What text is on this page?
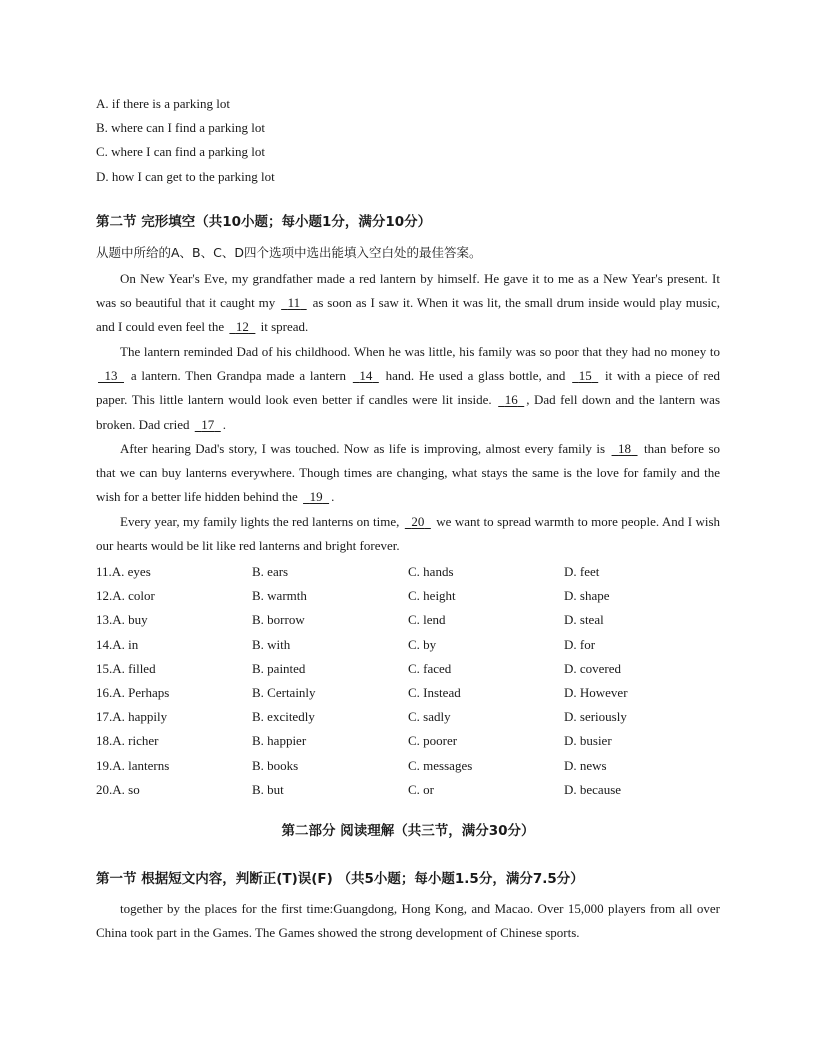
A. if there is a parking lot
B. where can I find a parking lot
C. where I can find a parking lot
D. how I can get to the parking lot
第二节 完形填空（共10小题；每小题1分，满分10分）
从题中所给的A、B、C、D四个选项中选出能填入空白处的最佳答案。

On New Year's Eve, my grandfather made a red lantern by himself. He gave it to me as a New Year's present. It was so beautiful that it caught my 11 as soon as I saw it. When it was lit, the small drum inside would play music, and I could even feel the 12 it spread.

The lantern reminded Dad of his childhood. When he was little, his family was so poor that they had no money to 13 a lantern. Then Grandpa made a lantern 14 hand. He used a glass bottle, and 15 it with a piece of red paper. This little lantern would look even better if candles were lit inside. 16 , Dad fell down and the lantern was broken. Dad cried 17 .

After hearing Dad's story, I was touched. Now as life is improving, almost every family is 18 than before so that we can buy lanterns everywhere. Though times are changing, what stays the same is the love for family and the wish for a better life hidden behind the 19 .

Every year, my family lights the red lanterns on time, 20 we want to spread warmth to more people. And I wish our hearts would be lit like red lanterns and bright forever.

11.A. eyes	B. ears	C. hands	D. feet
12.A. color	B. warmth	C. height	D. shape
13.A. buy	B. borrow	C. lend	D. steal
14.A. in	B. with	C. by	D. for
15.A. filled	B. painted	C. faced	D. covered
16.A. Perhaps	B. Certainly	C. Instead	D. However
17.A. happily	B. excitedly	C. sadly	D. seriously
18.A. richer	B. happier	C. poorer	D. busier
19.A. lanterns	B. books	C. messages	D. news
20.A. so	B. but	C. or	D. because
第二部分 阅读理解（共三节，满分30分）
第一节 根据短文内容，判断正(T)误(F) （共5小题；每小题1.5分，满分7.5分）

together by the places for the first time:Guangdong, Hong Kong, and Macao. Over 15,000 players from all over China took part in the Games. The Games showed the strong development of Chinese sports.
